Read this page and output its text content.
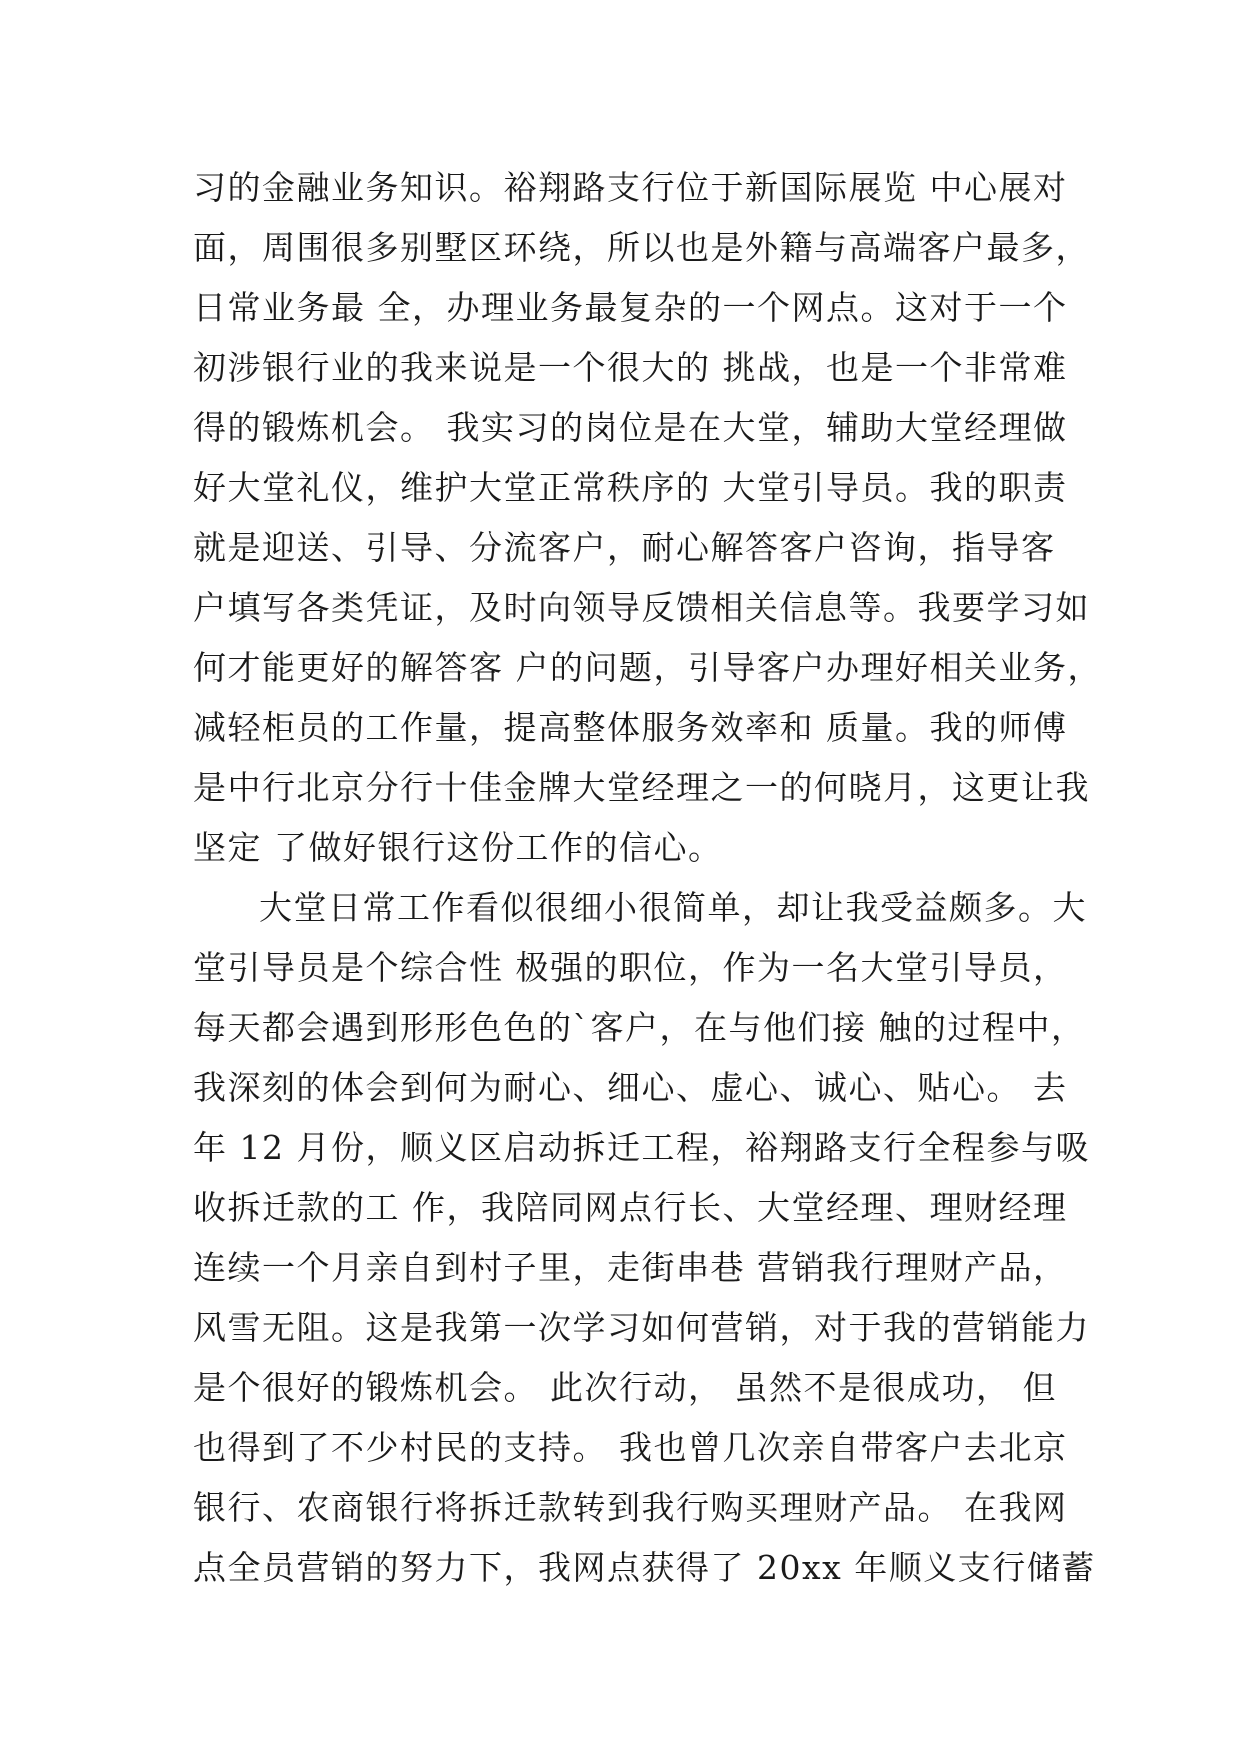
习的金融业务知识。裕翔路支行位于新国际展览 中心展对
面，周围很多别墅区环绕，所以也是外籍与高端客户最多，
日常业务最 全，办理业务最复杂的一个网点。这对于一个
初涉银行业的我来说是一个很大的 挑战，也是一个非常难
得的锻炼机会。 我实习的岗位是在大堂，辅助大堂经理做
好大堂礼仪，维护大堂正常秩序的 大堂引导员。我的职责
就是迎送、引导、分流客户，耐心解答客户咨询，指导客
户填写各类凭证，及时向领导反馈相关信息等。我要学习如
何才能更好的解答客 户的问题，引导客户办理好相关业务，
减轻柜员的工作量，提高整体服务效率和 质量。我的师傅
是中行北京分行十佳金牌大堂经理之一的何晓月，这更让我
坚定 了做好银行这份工作的信心。
大堂日常工作看似很细小很简单，却让我受益颇多。大
堂引导员是个综合性 极强的职位，作为一名大堂引导员，
每天都会遇到形形色色的`客户，在与他们接 触的过程中，
我深刻的体会到何为耐心、细心、虚心、诚心、贴心。 去
年 12 月份，顺义区启动拆迁工程，裕翔路支行全程参与吸
收拆迁款的工 作，我陪同网点行长、大堂经理、理财经理
连续一个月亲自到村子里，走街串巷 营销我行理财产品，
风雪无阻。这是我第一次学习如何营销，对于我的营销能力
是个很好的锻炼机会。 此次行动， 虽然不是很成功， 但
也得到了不少村民的支持。 我也曾几次亲自带客户去北京
银行、农商银行将拆迁款转到我行购买理财产品。 在我网
点全员营销的努力下，我网点获得了 20xx 年顺义支行储蓄
